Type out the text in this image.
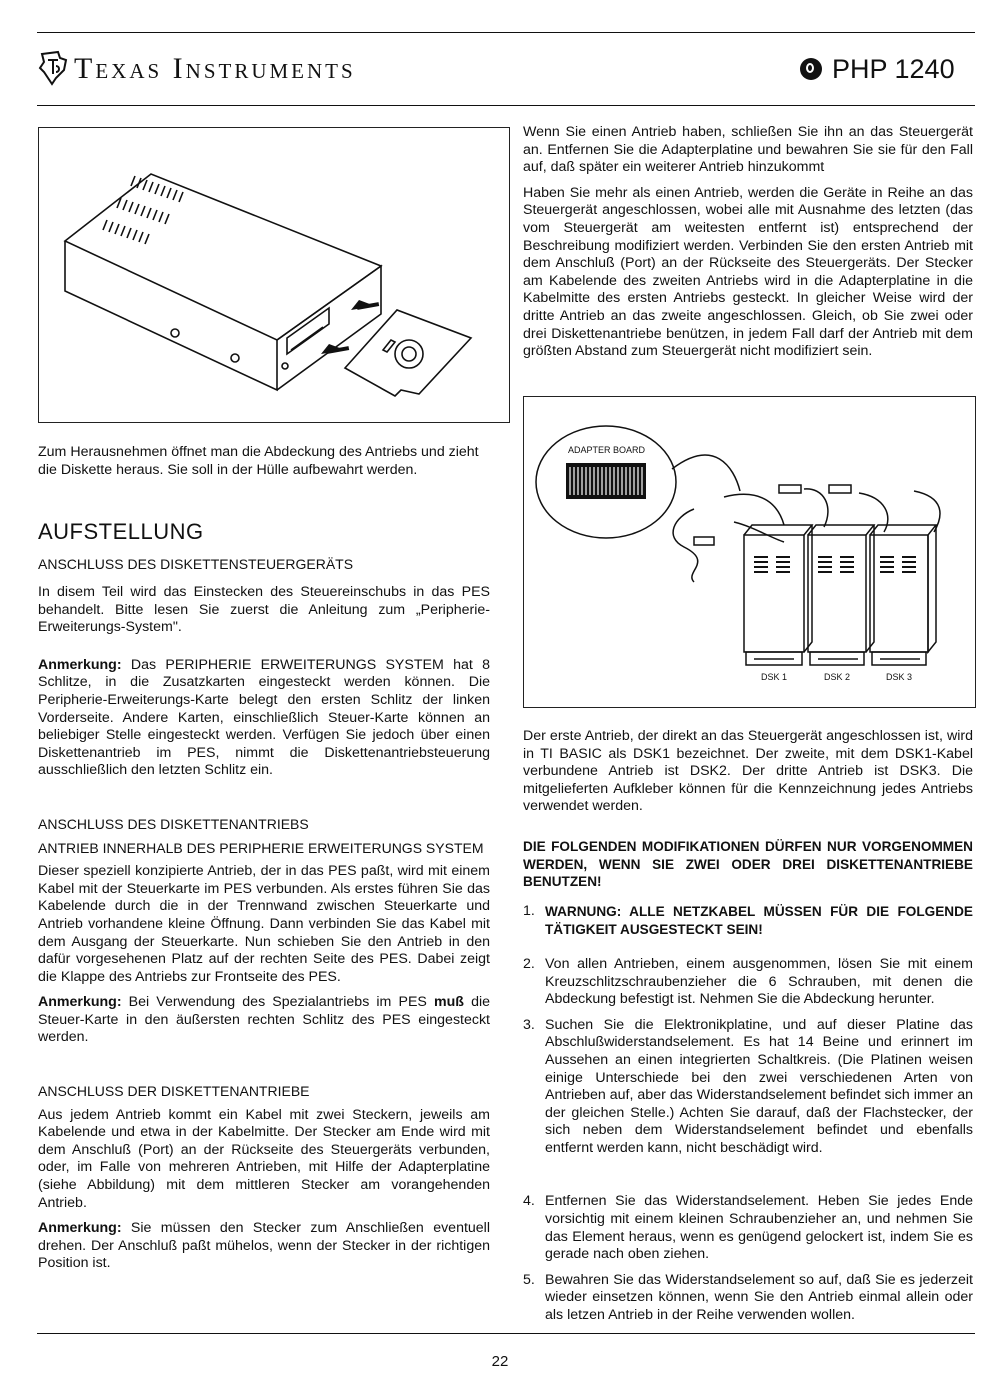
Texas Instruments	PHP 1240
Zum Herausnehmen öffnet man die Abdeckung des Antriebs und zieht die Diskette heraus. Sie soll in der Hülle aufbewahrt werden.

Wenn Sie einen Antrieb haben, schließen Sie ihn an das Steuergerät an. Entfernen Sie die Adapterplatine und bewahren Sie sie für den Fall auf, daß später ein weiterer Antrieb hinzukommt

Haben Sie mehr als einen Antrieb, werden die Geräte in Reihe an das Steuergerät angeschlossen, wobei alle mit Ausnahme des letzten (das vom Steuergerät am weitesten entfernt ist) entsprechend der Beschreibung modifiziert werden. Verbinden Sie den ersten Antrieb mit dem Anschluß (Port) an der Rückseite des Steuergeräts. Der Stecker am Kabelende des zweiten Antriebs wird in die Adapterplatine in die Kabelmitte des ersten Antriebs gesteckt. In gleicher Weise wird der dritte Antrieb an das zweite angeschlossen. Gleich, ob Sie zwei oder drei Diskettenantriebe benützen, in jedem Fall darf der Antrieb mit dem größten Abstand zum Steuergerät nicht modifiziert sein.

ADAPTER BOARD
DSK 1	DSK 2	DSK 3
AUFSTELLUNG
ANSCHLUSS DES DISKETTENSTEUERGERÄTS

In disem Teil wird das Einstecken des Steuereinschubs in das PES behandelt. Bitte lesen Sie zuerst die Anleitung zum „Peripherie-Erweiterungs-System".

Anmerkung: Das PERIPHERIE ERWEITERUNGS SYSTEM hat 8 Schlitze, in die Zusatzkarten eingesteckt werden können. Die Peripherie-Erweiterungs-Karte belegt den ersten Schlitz der linken Vorderseite. Andere Karten, einschließlich Steuer-Karte können an beliebiger Stelle eingesteckt werden. Verfügen Sie jedoch über einen Diskettenantrieb im PES, nimmt die Diskettenantriebsteuerung ausschließlich den letzten Schlitz ein.

ANSCHLUSS DES DISKETTENANTRIEBS

ANTRIEB INNERHALB DES PERIPHERIE ERWEITERUNGS SYSTEM

Dieser speziell konzipierte Antrieb, der in das PES paßt, wird mit einem Kabel mit der Steuerkarte im PES verbunden. Als erstes führen Sie das Kabelende durch die in der Trennwand zwischen Steuerkarte und Antrieb vorhandene kleine Öffnung. Dann verbinden Sie das Kabel mit dem Ausgang der Steuerkarte. Nun schieben Sie den Antrieb in den dafür vorgesehenen Platz auf der rechten Seite des PES. Dabei zeigt die Klappe des Antriebs zur Frontseite des PES.

Anmerkung: Bei Verwendung des Spezialantriebs im PES muß die Steuer-Karte in den äußersten rechten Schlitz des PES eingesteckt werden.

ANSCHLUSS DER DISKETTENANTRIEBE

Aus jedem Antrieb kommt ein Kabel mit zwei Steckern, jeweils am Kabelende und etwa in der Kabelmitte. Der Stecker am Ende wird mit dem Anschluß (Port) an der Rückseite des Steuergeräts verbunden, oder, im Falle von mehreren Antrieben, mit Hilfe der Adapterplatine (siehe Abbildung) mit dem mittleren Stecker am vorangehenden Antrieb.

Anmerkung: Sie müssen den Stecker zum Anschließen eventuell drehen. Der Anschluß paßt mühelos, wenn der Stecker in der richtigen Position ist.

Der erste Antrieb, der direkt an das Steuergerät angeschlossen ist, wird in TI BASIC als DSK1 bezeichnet. Der zweite, mit dem DSK1-Kabel verbundene Antrieb ist DSK2. Der dritte Antrieb ist DSK3. Die mitgelieferten Aufkleber können für die Kennzeichnung jedes Antriebs verwendet werden.

DIE FOLGENDEN MODIFIKATIONEN DÜRFEN NUR VORGENOMMEN WERDEN, WENN SIE ZWEI ODER DREI DISKETTENANTRIEBE BENUTZEN!

1. WARNUNG: ALLE NETZKABEL MÜSSEN FÜR DIE FOLGENDE TÄTIGKEIT AUSGESTECKT SEIN!
2. Von allen Antrieben, einem ausgenommen, lösen Sie mit einem Kreuzschlitzschraubenzieher die 6 Schrauben, mit denen die Abdeckung befestigt ist. Nehmen Sie die Abdeckung herunter.
3. Suchen Sie die Elektronikplatine, und auf dieser Platine das Abschlußwiderstandselement. Es hat 14 Beine und erinnert im Aussehen an einen integrierten Schaltkreis. (Die Platinen weisen einige Unterschiede bei den zwei verschiedenen Arten von Antrieben auf, aber das Widerstandselement befindet sich immer an der gleichen Stelle.) Achten Sie darauf, daß der Flachstecker, der sich neben dem Widerstandselement befindet und ebenfalls entfernt werden kann, nicht beschädigt wird.
4. Entfernen Sie das Widerstandselement. Heben Sie jedes Ende vorsichtig mit einem kleinen Schraubenzieher an, und nehmen Sie das Element heraus, wenn es genügend gelockert ist, indem Sie es gerade nach oben ziehen.
5. Bewahren Sie das Widerstandselement so auf, daß Sie es jederzeit wieder einsetzen können, wenn Sie den Antrieb einmal allein oder als letzen Antrieb in der Reihe verwenden wollen.
22
